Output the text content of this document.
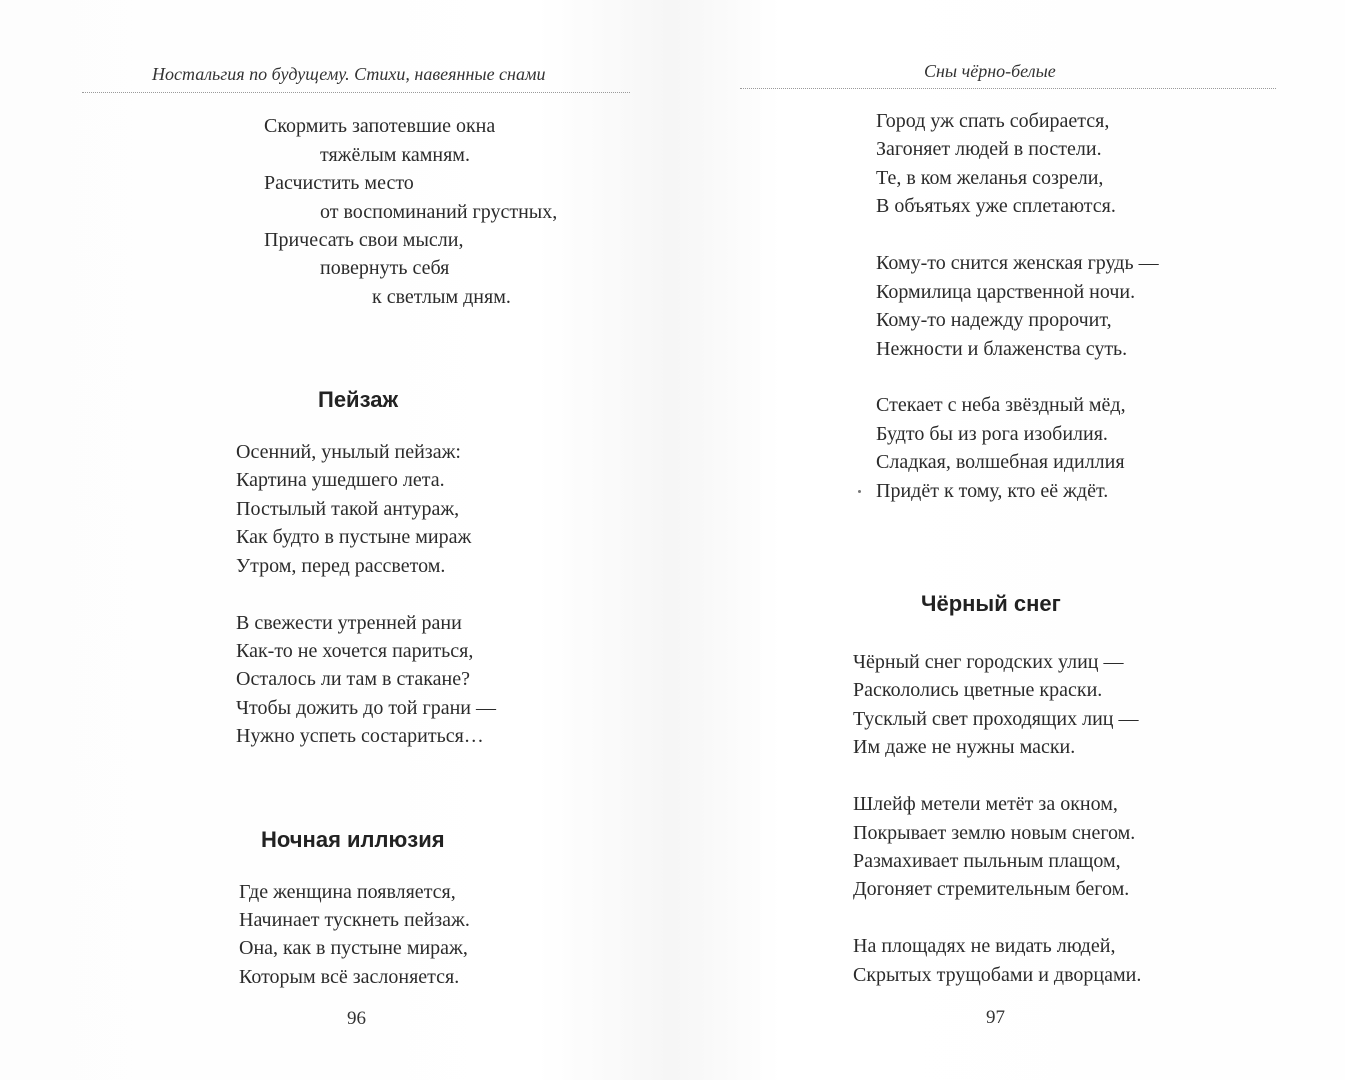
Ностальгия по будущему. Стихи, навеянные снами
Скормить запотевшие окна
тяжёлым камням.
Расчистить место
от воспоминаний грустных,
Причесать свои мысли,
повернуть себя
к светлым дням.
Пейзаж
Осенний, унылый пейзаж:
Картина ушедшего лета.
Постылый такой антураж,
Как будто в пустыне мираж
Утром, перед рассветом.
В свежести утренней рани
Как-то не хочется париться,
Осталось ли там в стакане?
Чтобы дожить до той грани —
Нужно успеть состариться…
Ночная иллюзия
Где женщина появляется,
Начинает тускнеть пейзаж.
Она, как в пустыне мираж,
Которым всё заслоняется.
96
Сны чёрно-белые
Город уж спать собирается,
Загоняет людей в постели.
Те, в ком желанья созрели,
В объятьях уже сплетаются.
Кому-то снится женская грудь —
Кормилица царственной ночи.
Кому-то надежду пророчит,
Нежности и блаженства суть.
Стекает с неба звёздный мёд,
Будто бы из рога изобилия.
Сладкая, волшебная идиллия
Придёт к тому, кто её ждёт.
Чёрный снег
Чёрный снег городских улиц —
Раскололись цветные краски.
Тусклый свет проходящих лиц —
Им даже не нужны маски.
Шлейф метели метёт за окном,
Покрывает землю новым снегом.
Размахивает пыльным плащом,
Догоняет стремительным бегом.
На площадях не видать людей,
Скрытых трущобами и дворцами.
97
